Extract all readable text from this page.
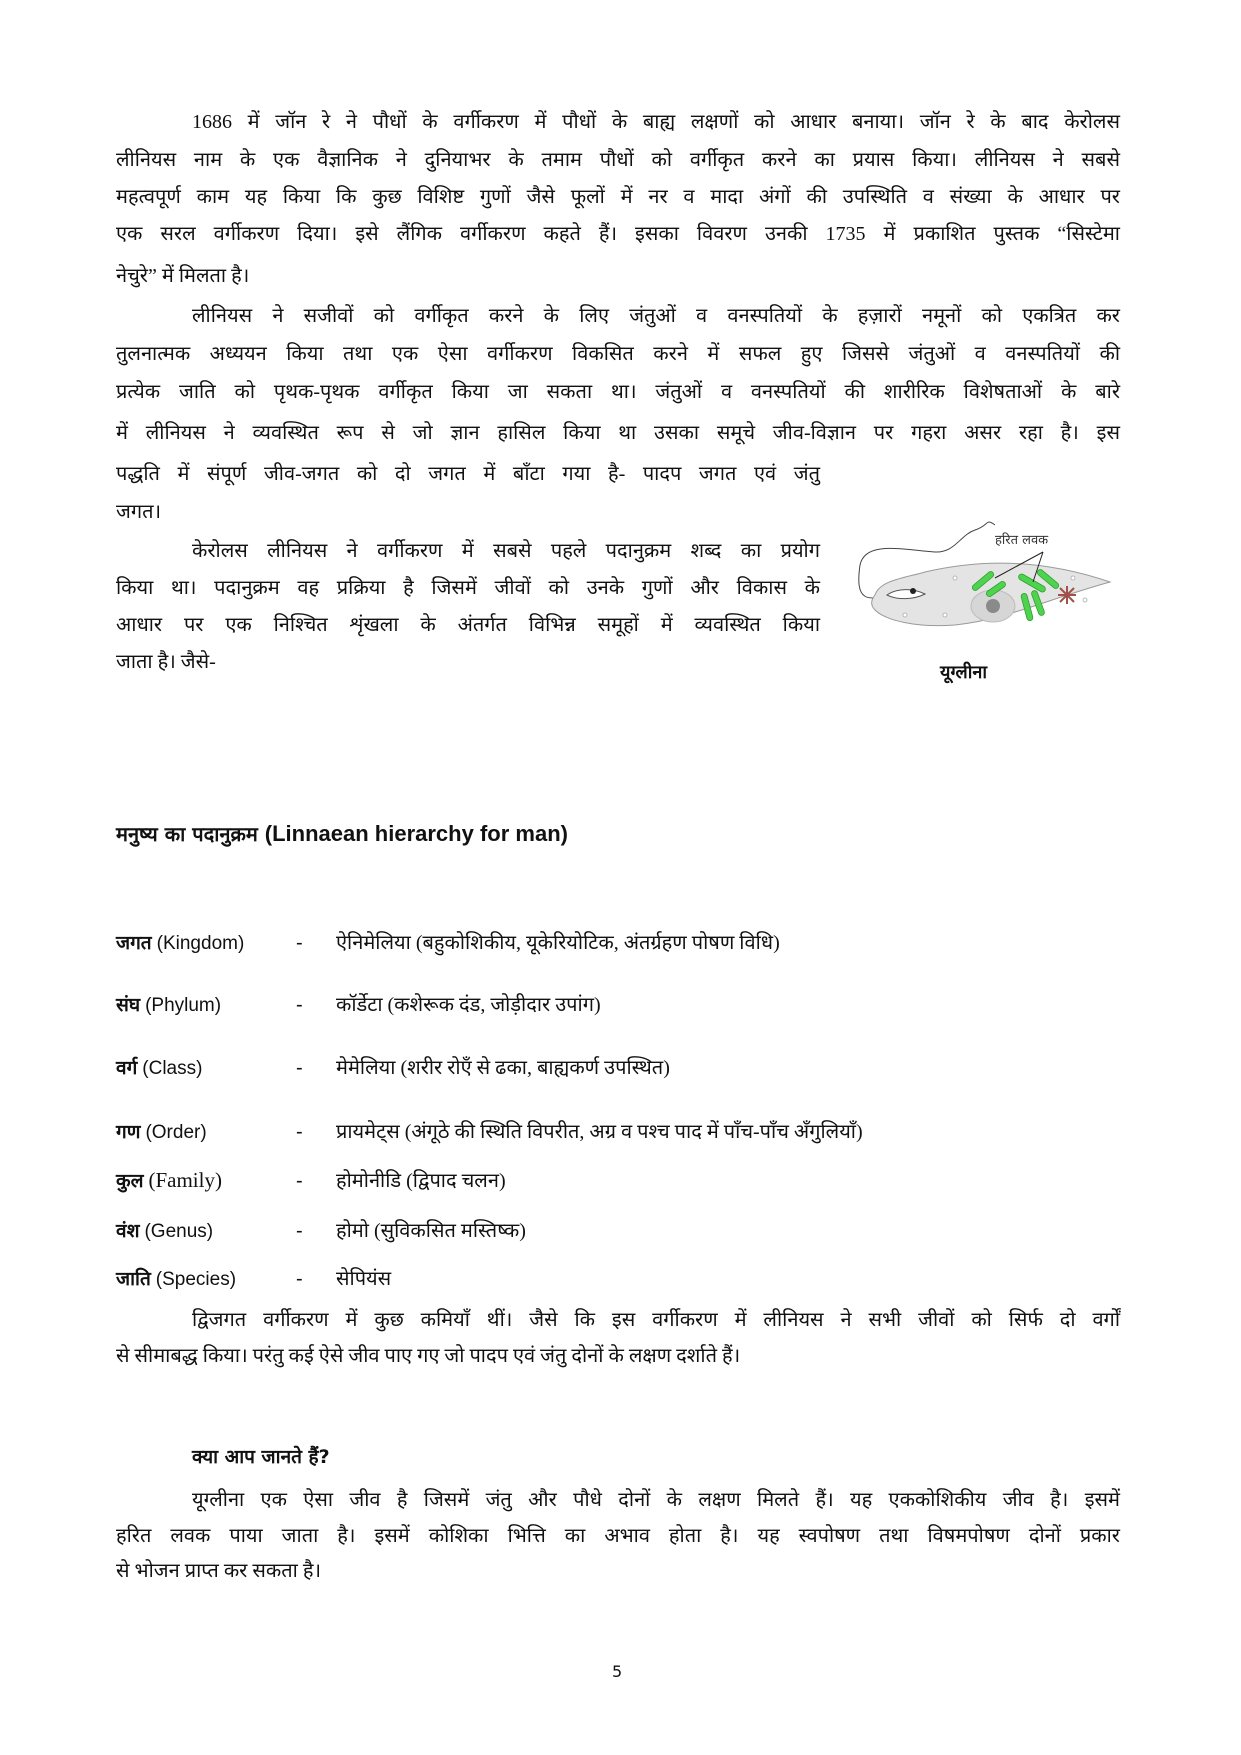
1686 में जॉन रे ने पौधों के वर्गीकरण में पौधों के बाह्य लक्षणों को आधार बनाया। जॉन रे के बाद केरोलस
लीनियस नाम के एक वैज्ञानिक ने दुनियाभर के तमाम पौधों को वर्गीकृत करने का प्रयास किया। लीनियस ने सबसे
महत्वपूर्ण काम यह किया कि कुछ विशिष्ट गुणों जैसे फूलों में नर व मादा अंगों की उपस्थिति व संख्या के आधार पर
एक सरल वर्गीकरण दिया। इसे लैंगिक वर्गीकरण कहते हैं। इसका विवरण उनकी 1735 में प्रकाशित पुस्तक “सिस्टेमा
नेचुरे” में मिलता है।
लीनियस ने सजीवों को वर्गीकृत करने के लिए जंतुओं व वनस्पतियों के हज़ारों नमूनों को एकत्रित कर
तुलनात्मक अध्ययन किया तथा एक ऐसा वर्गीकरण विकसित करने में सफल हुए जिससे जंतुओं व वनस्पतियों की
प्रत्येक जाति को पृथक-पृथक वर्गीकृत किया जा सकता था। जंतुओं व वनस्पतियों की शारीरिक विशेषताओं के बारे
में लीनियस ने व्यवस्थित रूप से जो ज्ञान हासिल किया था उसका समूचे जीव-विज्ञान पर गहरा असर रहा है। इस
पद्धति में संपूर्ण जीव-जगत को दो जगत में बाँटा गया है- पादप जगत एवं जंतु
जगत।
केरोलस लीनियस ने वर्गीकरण में सबसे पहले पदानुक्रम शब्द का प्रयोग
किया था। पदानुक्रम वह प्रक्रिया है जिसमें जीवों को उनके गुणों और विकास के
आधार पर एक निश्चित शृंखला के अंतर्गत विभिन्न समूहों में व्यवस्थित किया
जाता है। जैसे-
हरित लवक
यूग्लीना
मनुष्य का पदानुक्रम (Linnaean hierarchy for man)
जगत (Kingdom)	-	ऐनिमेलिया (बहुकोशिकीय, यूकेरियोटिक, अंतर्ग्रहण पोषण विधि)
संघ (Phylum)	-	कॉर्डेटा (कशेरूक दंड, जोड़ीदार उपांग)
वर्ग (Class)	-	मेमेलिया (शरीर रोएँ से ढका, बाह्यकर्ण उपस्थित)
गण (Order)	-	प्रायमेट्स (अंगूठे की स्थिति विपरीत, अग्र व पश्च पाद में पाँच-पाँच अँगुलियाँ)
कुल (Family)	-	होमोनीडि (द्विपाद चलन)
वंश (Genus)	-	होमो (सुविकसित मस्तिष्क)
जाति (Species)	-	सेपियंस
द्विजगत वर्गीकरण में कुछ कमियाँ थीं। जैसे कि इस वर्गीकरण में लीनियस ने सभी जीवों को सिर्फ दो वर्गों
से सीमाबद्ध किया। परंतु कई ऐसे जीव पाए गए जो पादप एवं जंतु दोनों के लक्षण दर्शाते हैं।
क्या आप जानते हैं?
यूग्लीना एक ऐसा जीव है जिसमें जंतु और पौधे दोनों के लक्षण मिलते हैं। यह एककोशिकीय जीव है। इसमें
हरित लवक पाया जाता है। इसमें कोशिका भित्ति का अभाव होता है। यह स्वपोषण तथा विषमपोषण दोनों प्रकार
से भोजन प्राप्त कर सकता है।
5
